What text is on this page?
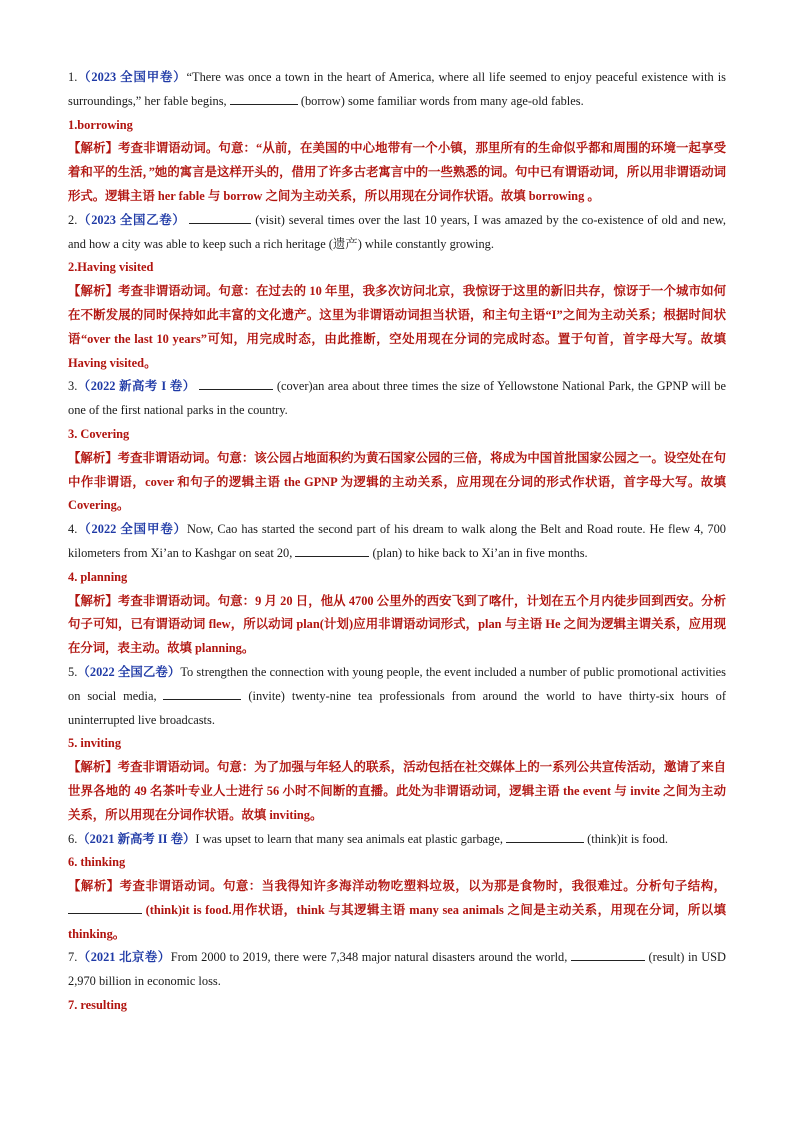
1.（2023 全国甲卷）“There was once a town in the heart of America, where all life seemed to enjoy peaceful existence with is surroundings,” her fable begins,	(borrow) some familiar words from many age-old fables.
1.borrowing
【解析】考查非谓语动词。句意：“从前，在美国的中心地带有一个小镇，那里所有的生命似乎都和周围的环境一起享受着和平的生活，”她的寓言是这样开头的，借用了许多古老寓言中的一些熟悉的词。句中已有谓语动词，所以用非谓语动词形式。逻辑主语 her fable 与 borrow 之间为主动关系，所以用现在分词作状语。故填 borrowing 。
2.（2023 全国乙卷）	(visit) several times over the last 10 years, I was amazed by the co-existence of old and new, and how a city was able to keep such a rich heritage (遗产) while constantly growing.
2.Having visited
【解析】考查非谓语动词。句意：在过去的 10 年里，我多次访问北京，我惊讶于这里的新旧共存，惊讶于一个城市如何在不断发展的同时保持如此丰富的文化遗产。这里为非谓语动词担当状语，和主句主语“I”之间为主动关系；根据时间状语“over the last 10 years”可知，用完成时态，由此推断，空处用现在分词的完成时态。置于句首，首字母大写。故填 Having visited。
3.（2022 新高考 I 卷）	(cover)an area about three times the size of Yellowstone National Park, the GPNP will be one of the first national parks in the country.
3. Covering
【解析】考查非谓语动词。句意：该公园占地面积约为黄石国家公园的三倍，将成为中国首批国家公园之一。设空处在句中作非谓语，cover 和句子的逻辑主语 the GPNP 为逻辑的主动关系，应用现在分词的形式作状语，首字母大写。故填 Covering。
4.（2022 全国甲卷）Now, Cao has started the second part of his dream to walk along the Belt and Road route. He flew 4, 700 kilometers from Xi’an to Kashgar on seat 20,	(plan) to hike back to Xi’an in five months.
4. planning
【解析】考查非谓语动词。句意：9 月 20 日，他从 4700 公里外的西安飞到了喀什，计划在五个月内徒步回到西安。分析句子可知，已有谓语动词 flew，所以动词 plan(计划)应用非谓语动词形式，plan 与主语 He 之间为逻辑主谓关系，应用现在分词，表主动。故填 planning。
5.（2022 全国乙卷）To strengthen the connection with young people, the event included a number of public promotional activities on social media,	(invite) twenty-nine tea professionals from around the world to have thirty-six hours of uninterrupted live broadcasts.
5. inviting
【解析】考查非谓语动词。句意：为了加强与年轻人的联系，活动包括在社交媒体上的一系列公共宣传活动，邀请了来自世界各地的 49 名茶叶专业人士进行 56 小时不间断的直播。此处为非谓语动词，逻辑主语 the event 与 invite 之间为主动关系，所以用现在分词作状语。故填 inviting。
6.（2021 新高考 II 卷）I was upset to learn that many sea animals eat plastic garbage,	(think)it is food.
6. thinking
【解析】考查非谓语动词。句意：当我得知许多海洋动物吃塑料垃圾，以为那是食物时，我很难过。分析句子结构， (think)it is food.用作状语，think 与其逻辑主语 many sea animals 之间是主动关系，用现在分词，所以填 thinking。
7.（2021 北京卷）From 2000 to 2019, there were 7,348 major natural disasters around the world,	(result) in USD 2,970 billion in economic loss.
7. resulting
